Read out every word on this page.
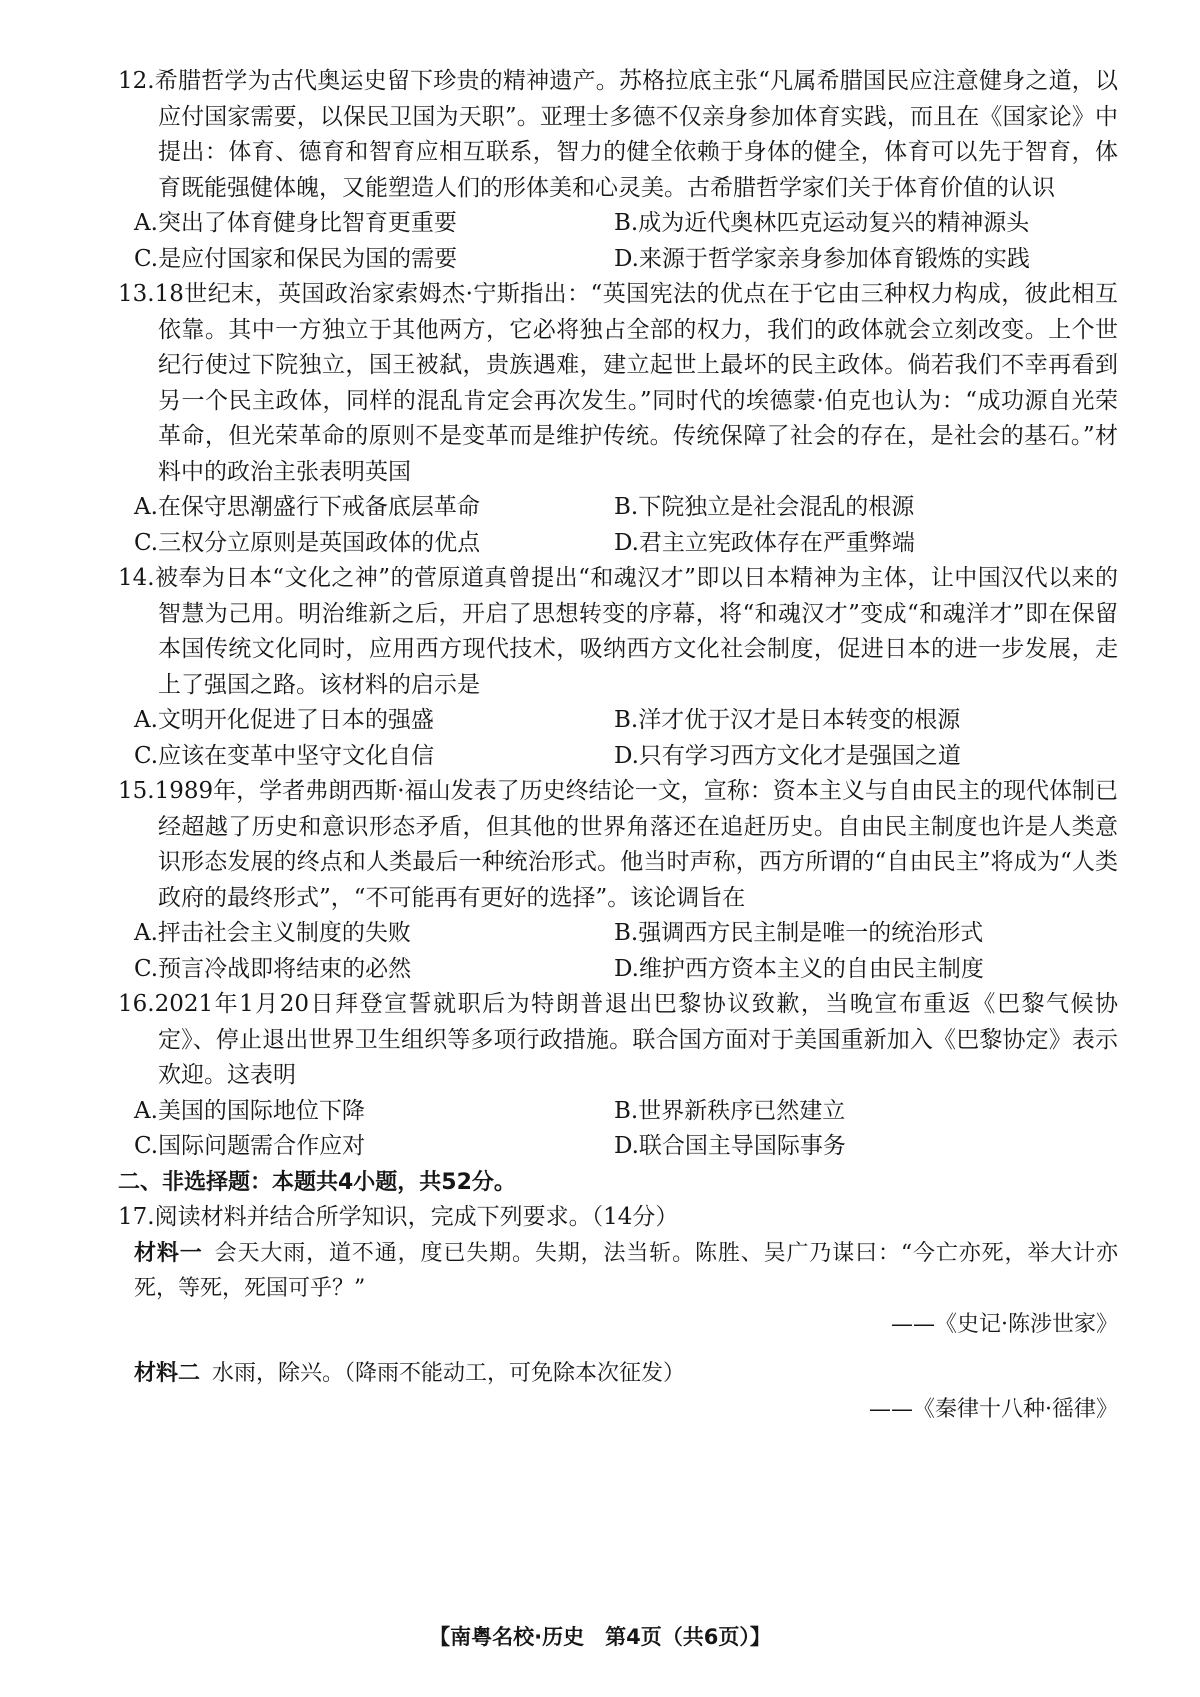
12.希腊哲学为古代奥运史留下珍贵的精神遗产。苏格拉底主张“凡属希腊国民应注意健身之道，以应付国家需要，以保民卫国为天职”。亚理士多德不仅亲身参加体育实践，而且在《国家论》中提出：体育、德育和智育应相互联系，智力的健全依赖于身体的健全，体育可以先于智育，体育既能强健体魄，又能塑造人们的形体美和心灵美。古希腊哲学家们关于体育价值的认识
A.突出了体育健身比智育更重要	B.成为近代奥林匹克运动复兴的精神源头
C.是应付国家和保民为国的需要	D.来源于哲学家亲身参加体育锻炼的实践
13.18世纪末，英国政治家索姆杰·宁斯指出：“英国宪法的优点在于它由三种权力构成，彼此相互依靠。其中一方独立于其他两方，它必将独占全部的权力，我们的政体就会立刻改变。上个世纪行使过下院独立，国王被弑，贵族遇难，建立起世上最坏的民主政体。倘若我们不幸再看到另一个民主政体，同样的混乱肯定会再次发生。”同时代的埃德蒙·伯克也认为：“成功源自光荣革命，但光荣革命的原则不是变革而是维护传统。传统保障了社会的存在，是社会的基石。”材料中的政治主张表明英国
A.在保守思潮盛行下戒备底层革命	B.下院独立是社会混乱的根源
C.三权分立原则是英国政体的优点	D.君主立宪政体存在严重弊端
14.被奉为日本“文化之神”的菅原道真曾提出“和魂汉才”即以日本精神为主体，让中国汉代以来的智慧为己用。明治维新之后，开启了思想转变的序幕，将“和魂汉才”变成“和魂洋才”即在保留本国传统文化同时，应用西方现代技术，吸纳西方文化社会制度，促进日本的进一步发展，走上了强国之路。该材料的启示是
A.文明开化促进了日本的强盛	B.洋才优于汉才是日本转变的根源
C.应该在变革中坚守文化自信	D.只有学习西方文化才是强国之道
15.1989年，学者弗朗西斯·福山发表了历史终结论一文，宣称：资本主义与自由民主的现代体制已经超越了历史和意识形态矛盾，但其他的世界角落还在追赶历史。自由民主制度也许是人类意识形态发展的终点和人类最后一种统治形式。他当时声称，西方所谓的“自由民主”将成为“人类政府的最终形式”，“不可能再有更好的选择”。该论调旨在
A.抨击社会主义制度的失败	B.强调西方民主制是唯一的统治形式
C.预言冷战即将结束的必然	D.维护西方资本主义的自由民主制度
16.2021年1月20日拜登宣誓就职后为特朗普退出巴黎协议致歉，当晚宣布重返《巴黎气候协定》、停止退出世界卫生组织等多项行政措施。联合国方面对于美国重新加入《巴黎协定》表示欢迎。这表明
A.美国的国际地位下降	B.世界新秩序已然建立
C.国际问题需合作应对	D.联合国主导国际事务
二、非选择题：本题共4小题，共52分。
17.阅读材料并结合所学知识，完成下列要求。（14分）
材料一 会天大雨，道不通，度已失期。失期，法当斩。陈胜、吴广乃谋曰：“今亡亦死，举大计亦死，等死，死国可乎？”
——《史记·陈涉世家》
材料二 水雨，除兴。（降雨不能动工，可免除本次征发）
——《秦律十八种·徭律》
【南粤名校·历史　第4页（共6页）】
